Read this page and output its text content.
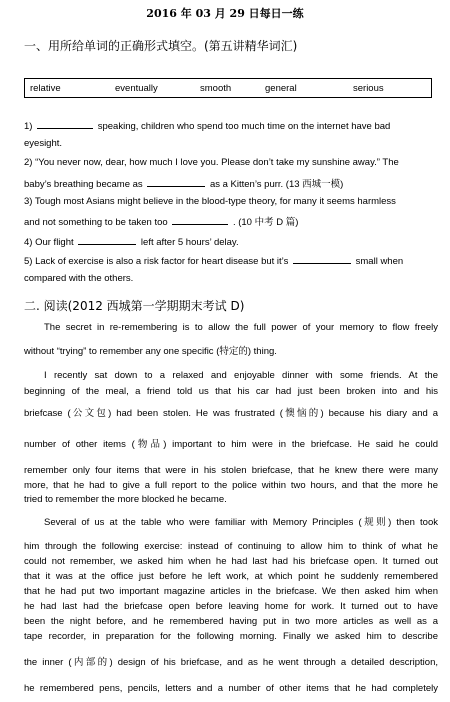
2016 年 03 月 29 日每日一练
一、用所给单词的正确形式填空。(第五讲精华词汇)
relative	eventually	smooth	general	serious
1)	speaking, children who spend too much time on the internet have bad
eyesight.
2) “You never now, dear, how much I love you. Please don’t take my sunshine away.” The
baby’s breathing became as	as a Kitten’s purr. (13 西城一模)
3) Tough most Asians might believe in the blood-type theory, for many it seems harmless
and not something to be taken too	. (10 中考 D 篇)
4) Our flight	left after 5 hours’ delay.
5) Lack of exercise is also a risk factor for heart disease but it’s	small when
compared with the others.
二. 阅读(2012 西城第一学期期末考试 D)
The secret in re-remembering is to allow the full power of your memory to flow freely
without “trying” to remember any one specific (特定的) thing.
I recently sat down to a relaxed and enjoyable dinner with some friends. At the
beginning of the meal, a friend told us that his car had just been broken into and his
briefcase (公文包) had been stolen. He was frustrated (懊恼的) because his diary and a
number of other items (物品) important to him were in the briefcase. He said he could
remember only four items that were in his stolen briefcase, that he knew there were many
more, that he had to give a full report to the police within two hours, and that the more he
tried to remember the more blocked he became.
Several of us at the table who were familiar with Memory Principles (规则) then took
him through the following exercise: instead of continuing to allow him to think of what he
could not remember, we asked him when he had last had his briefcase open. It turned out
that it was at the office just before he left work, at which point he suddenly remembered
that he had put two important magazine articles in the briefcase. We then asked him when
he had last had the briefcase open before leaving home for work. It turned out to have
been the night before, and he remembered having put in two more articles as well as a
tape recorder, in preparation for the following morning. Finally we asked him to describe
the inner (内部的) design of his briefcase, and as he went through a detailed description,
he remembered pens, pencils, letters and a number of other items that he had completely
